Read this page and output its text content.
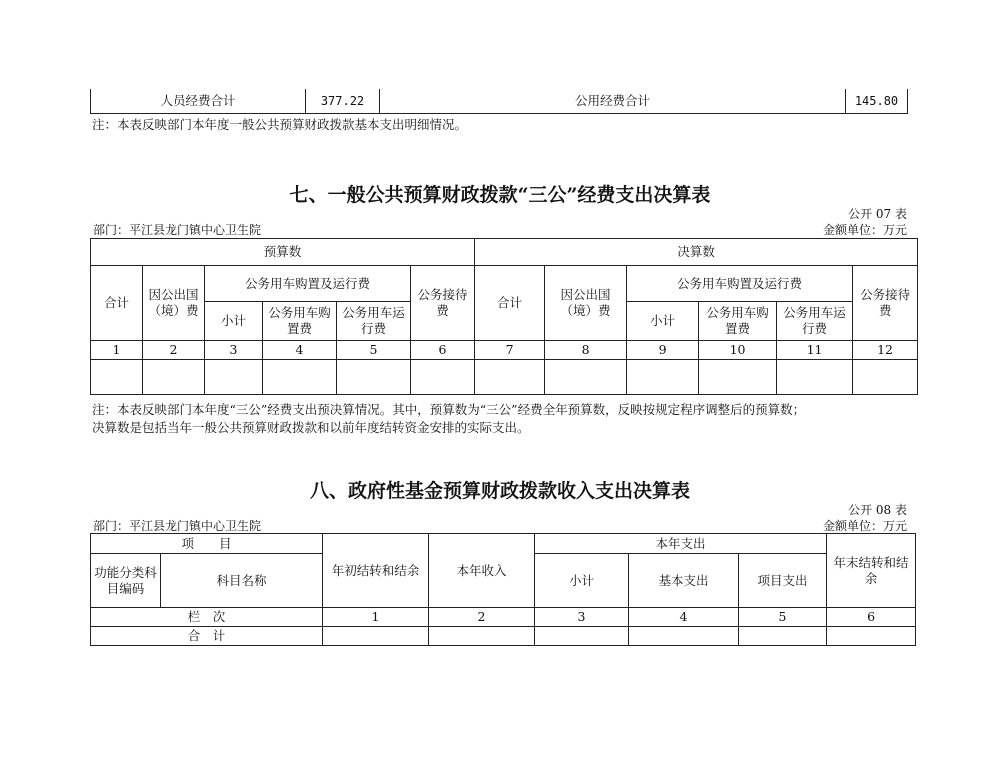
人员经费合计	377.22	公用经费合计	145.80
注：本表反映部门本年度一般公共预算财政拨款基本支出明细情况。
七、一般公共预算财政拨款“三公”经费支出决算表
公开 07 表
部门：平江县龙门镇中心卫生院	金额单位：万元
预算数						决算数					
合计	因公出国（境）费	公务用车购置及运行费			公务接待费	合计	因公出国（境）费	公务用车购置及运行费			公务接待费
		小计	公务用车购置费	公务用车运行费				小计	公务用车购置费	公务用车运行费	
1	2	3	4	5	6	7	8	9	10	11	12

注：本表反映部门本年度“三公”经费支出预决算情况。其中，预算数为“三公”经费全年预算数，反映按规定程序调整后的预算数；
决算数是包括当年一般公共预算财政拨款和以前年度结转资金安排的实际支出。
八、政府性基金预算财政拨款收入支出决算表
公开 08 表
部门：平江县龙门镇中心卫生院	金额单位：万元
项　　目		年初结转和结余	本年收入	本年支出			年末结转和结余
功能分类科目编码	科目名称			小计	基本支出	项目支出	
栏　次		1	2	3	4	5	6
合　计							
